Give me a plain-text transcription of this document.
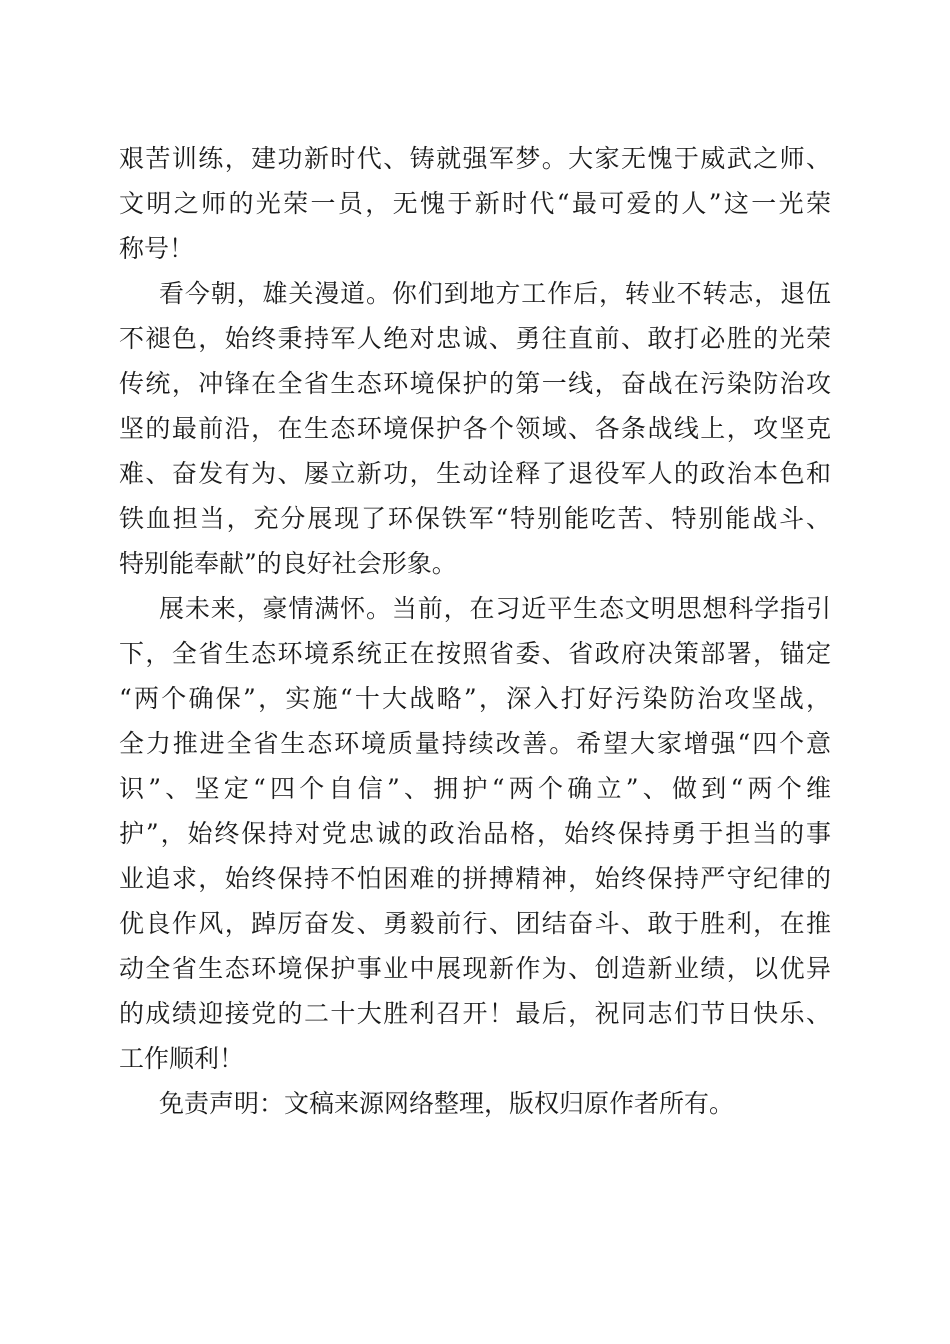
艰苦训练，建功新时代、铸就强军梦。大家无愧于威武之师、
文明之师的光荣一员，无愧于新时代“最可爱的人”这一光荣
称号！
看今朝，雄关漫道。你们到地方工作后，转业不转志，退伍
不褪色，始终秉持军人绝对忠诚、勇往直前、敢打必胜的光荣
传统，冲锋在全省生态环境保护的第一线，奋战在污染防治攻
坚的最前沿，在生态环境保护各个领域、各条战线上，攻坚克
难、奋发有为、屡立新功，生动诠释了退役军人的政治本色和
铁血担当，充分展现了环保铁军“特别能吃苦、特别能战斗、
特别能奉献”的良好社会形象。
展未来，豪情满怀。当前，在习近平生态文明思想科学指引
下，全省生态环境系统正在按照省委、省政府决策部署，锚定
“两个确保”，实施“十大战略”，深入打好污染防治攻坚战，
全力推进全省生态环境质量持续改善。希望大家增强“四个意
识”、坚定“四个自信”、拥护“两个确立”、做到“两个维
护”，始终保持对党忠诚的政治品格，始终保持勇于担当的事
业追求，始终保持不怕困难的拼搏精神，始终保持严守纪律的
优良作风，踔厉奋发、勇毅前行、团结奋斗、敢于胜利，在推
动全省生态环境保护事业中展现新作为、创造新业绩，以优异
的成绩迎接党的二十大胜利召开！最后，祝同志们节日快乐、
工作顺利！
免责声明：文稿来源网络整理，版权归原作者所有。
